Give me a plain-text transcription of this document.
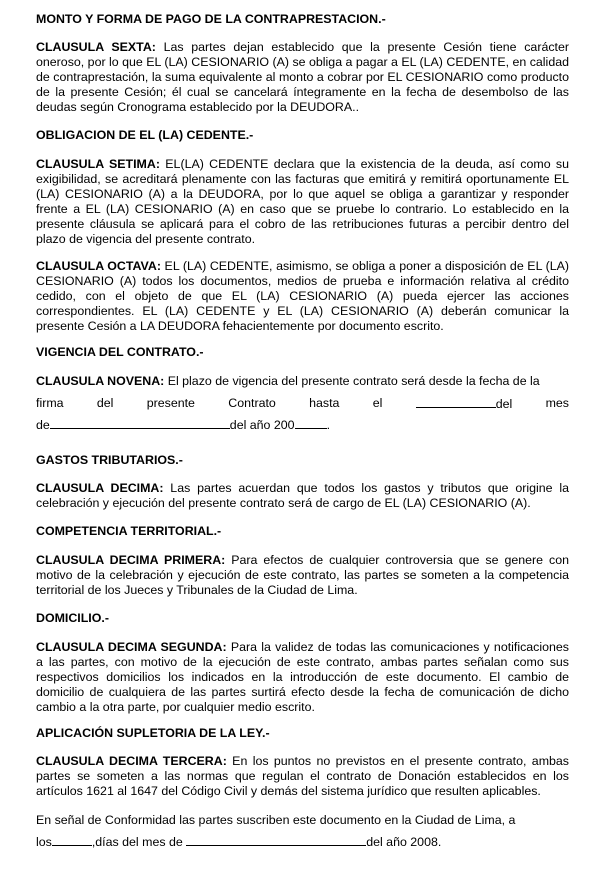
MONTO Y FORMA DE PAGO DE LA CONTRAPRESTACION.-

CLAUSULA SEXTA: Las partes dejan establecido que la presente Cesión tiene carácter oneroso, por lo que EL (LA) CESIONARIO (A) se obliga a pagar a EL (LA) CEDENTE, en calidad de contraprestación, la suma equivalente al monto a cobrar por EL CESIONARIO como producto de la presente Cesión; él cual se cancelará íntegramente en la fecha de desembolso de las deudas según Cronograma establecido por la DEUDORA..

OBLIGACION DE EL (LA) CEDENTE.-

CLAUSULA SETIMA: EL(LA) CEDENTE declara que la existencia de la deuda, así como su exigibilidad, se acreditará plenamente con las facturas que emitirá y remitirá oportunamente EL (LA) CESIONARIO (A) a la DEUDORA, por lo que aquel se obliga a garantizar y responder frente a EL (LA) CESIONARIO (A) en caso que se pruebe lo contrario. Lo establecido en la presente cláusula se aplicará para el cobro de las retribuciones futuras a percibir dentro del plazo de vigencia del presente contrato.

CLAUSULA OCTAVA: EL (LA) CEDENTE, asimismo, se obliga a poner a disposición de EL (LA) CESIONARIO (A) todos los documentos, medios de prueba e información relativa al crédito cedido, con el objeto de que EL (LA) CESIONARIO (A) pueda ejercer las acciones correspondientes. EL (LA) CEDENTE y EL (LA) CESIONARIO (A) deberán comunicar la presente Cesión a LA DEUDORA fehacientemente por documento escrito.

VIGENCIA DEL CONTRATO.-

CLAUSULA NOVENA: El plazo de vigencia del presente contrato será desde la fecha de la

firma	del	presente	Contrato	hasta	el	del	mes
de	del año 200	.

GASTOS TRIBUTARIOS.-

CLAUSULA DECIMA: Las partes acuerdan que todos los gastos y tributos que origine la celebración y ejecución del presente contrato será de cargo de EL (LA) CESIONARIO (A).

COMPETENCIA TERRITORIAL.-

CLAUSULA DECIMA PRIMERA: Para efectos de cualquier controversia que se genere con motivo de la celebración y ejecución de este contrato, las partes se someten a la competencia territorial de los Jueces y Tribunales de la Ciudad de Lima.

DOMICILIO.-

CLAUSULA DECIMA SEGUNDA: Para la validez de todas las comunicaciones y notificaciones a las partes, con motivo de la ejecución de este contrato, ambas partes señalan como sus respectivos domicilios los indicados en la introducción de este documento. El cambio de domicilio de cualquiera de las partes surtirá efecto desde la fecha de comunicación de dicho cambio a la otra parte, por cualquier medio escrito.

APLICACIÓN SUPLETORIA DE LA LEY.-

CLAUSULA DECIMA TERCERA: En los puntos no previstos en el presente contrato, ambas partes se someten a las normas que regulan el contrato de Donación establecidos en los artículos 1621 al 1647 del Código Civil y demás del sistema jurídico que resulten aplicables.

En señal de Conformidad las partes suscriben este documento en la Ciudad de Lima, a

los	,días del mes de	del año 2008.
